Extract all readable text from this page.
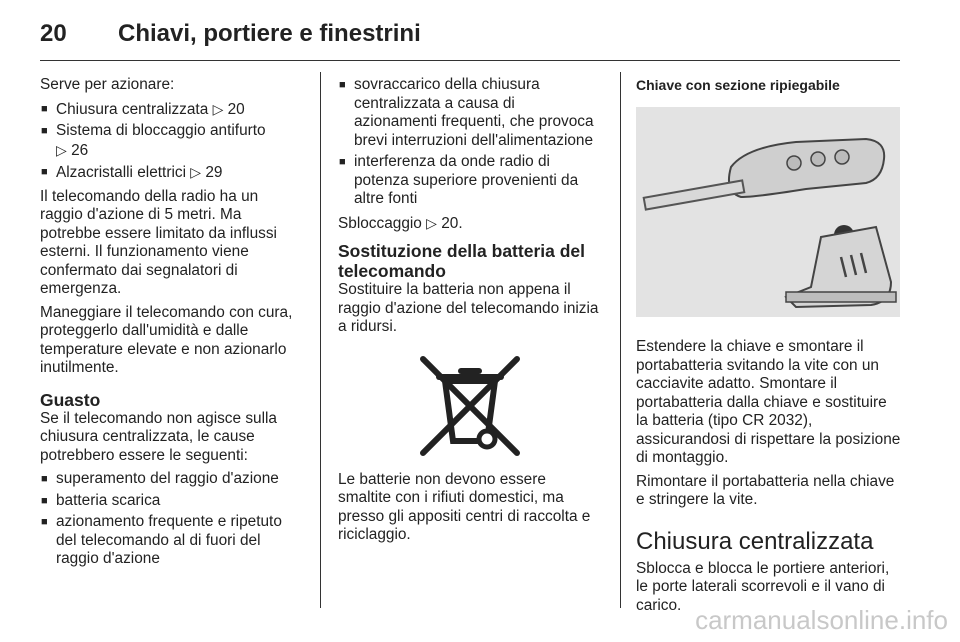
20 Chiavi, portiere e finestrini

Serve per azionare:

■ Chiusura centralizzata ▷ 20
■ Sistema di bloccaggio antifurto
▷ 26
■ Alzacristalli elettrici ▷ 29

Il telecomando della radio ha un raggio d'azione di 5 metri. Ma potrebbe essere limitato da influssi esterni. Il funzionamento viene confermato dai segnalatori di emergenza.

Maneggiare il telecomando con cura, proteggerlo dall'umidità e dalle temperature elevate e non azionarlo inutilmente.

Guasto

Se il telecomando non agisce sulla chiusura centralizzata, le cause potrebbero essere le seguenti:

■ superamento del raggio d'azione
■ batteria scarica
■ azionamento frequente e ripetuto del telecomando al di fuori del raggio d'azione
■ sovraccarico della chiusura centralizzata a causa di azionamenti frequenti, che provoca brevi interruzioni dell'alimentazione
■ interferenza da onde radio di potenza superiore provenienti da altre fonti

Sbloccaggio ▷ 20.

Sostituzione della batteria del telecomando

Sostituire la batteria non appena il raggio d'azione del telecomando inizia a ridursi.

Le batterie non devono essere smaltite con i rifiuti domestici, ma presso gli appositi centri di raccolta e riciclaggio.

Chiave con sezione ripiegabile

Estendere la chiave e smontare il portabatteria svitando la vite con un cacciavite adatto. Smontare il portabatteria dalla chiave e sostituire la batteria (tipo CR 2032), assicurandosi di rispettare la posizione di montaggio.

Rimontare il portabatteria nella chiave e stringere la vite.

Chiusura centralizzata

Sblocca e blocca le portiere anteriori, le porte laterali scorrevoli e il vano di carico. carmanualsonline.info
